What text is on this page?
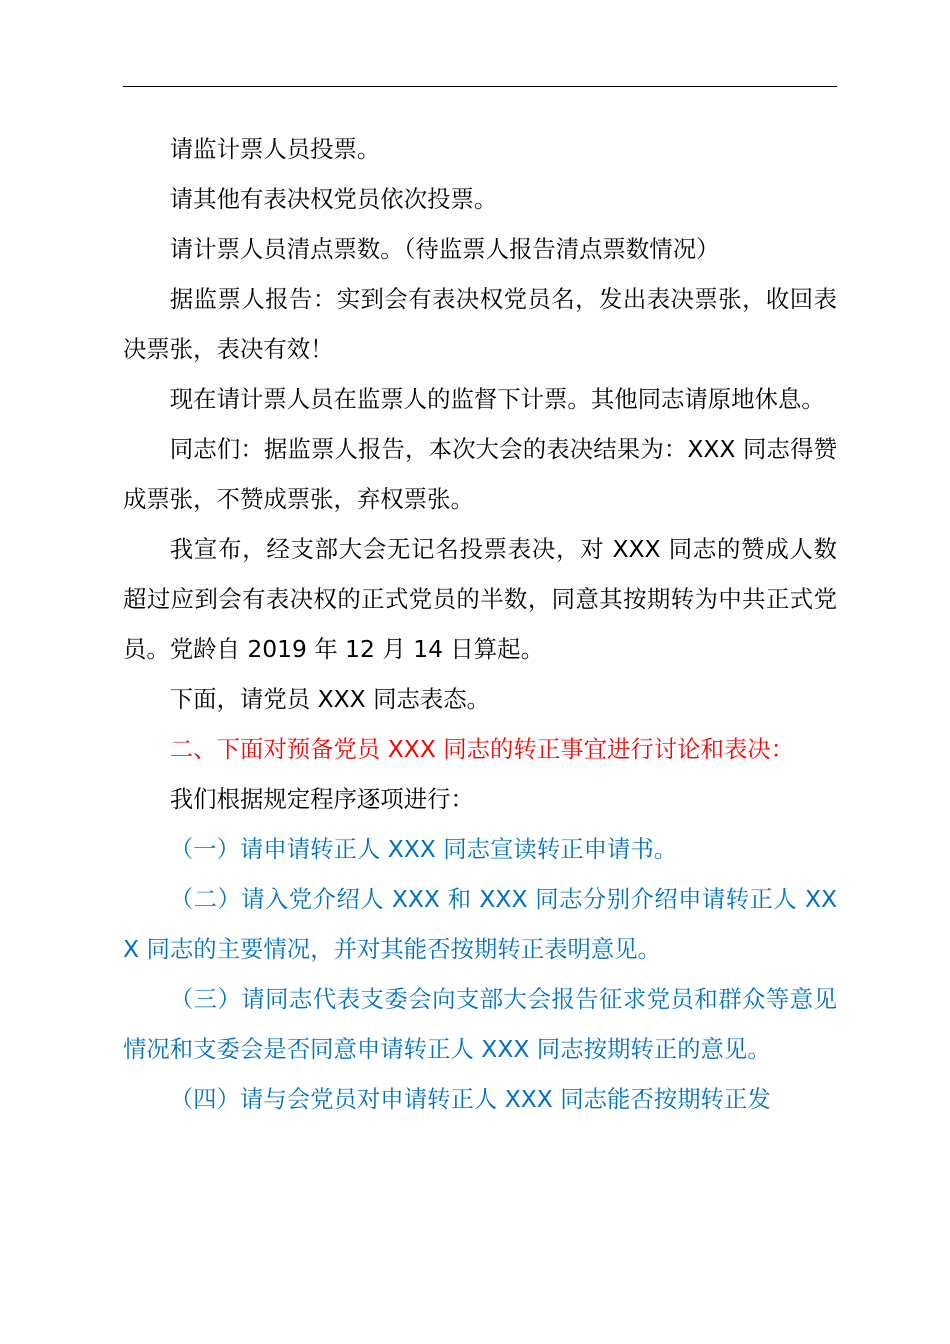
请监计票人员投票。

请其他有表决权党员依次投票。

请计票人员清点票数。（待监票人报告清点票数情况）

据监票人报告：实到会有表决权党员名，发出表决票张，收回表决票张，表决有效！

现在请计票人员在监票人的监督下计票。其他同志请原地休息。

同志们：据监票人报告，本次大会的表决结果为：XXX 同志得赞成票张，不赞成票张，弃权票张。

我宣布，经支部大会无记名投票表决，对 XXX 同志的赞成人数超过应到会有表决权的正式党员的半数，同意其按期转为中共正式党员。党龄自 2019 年 12 月 14 日算起。

下面，请党员 XXX 同志表态。

二、下面对预备党员 XXX 同志的转正事宜进行讨论和表决：

我们根据规定程序逐项进行：

（一）请申请转正人 XXX 同志宣读转正申请书。

（二）请入党介绍人 XXX 和 XXX 同志分别介绍申请转正人 XXX 同志的主要情况，并对其能否按期转正表明意见。

（三）请同志代表支委会向支部大会报告征求党员和群众等意见情况和支委会是否同意申请转正人 XXX 同志按期转正的意见。

（四）请与会党员对申请转正人 XXX 同志能否按期转正发
